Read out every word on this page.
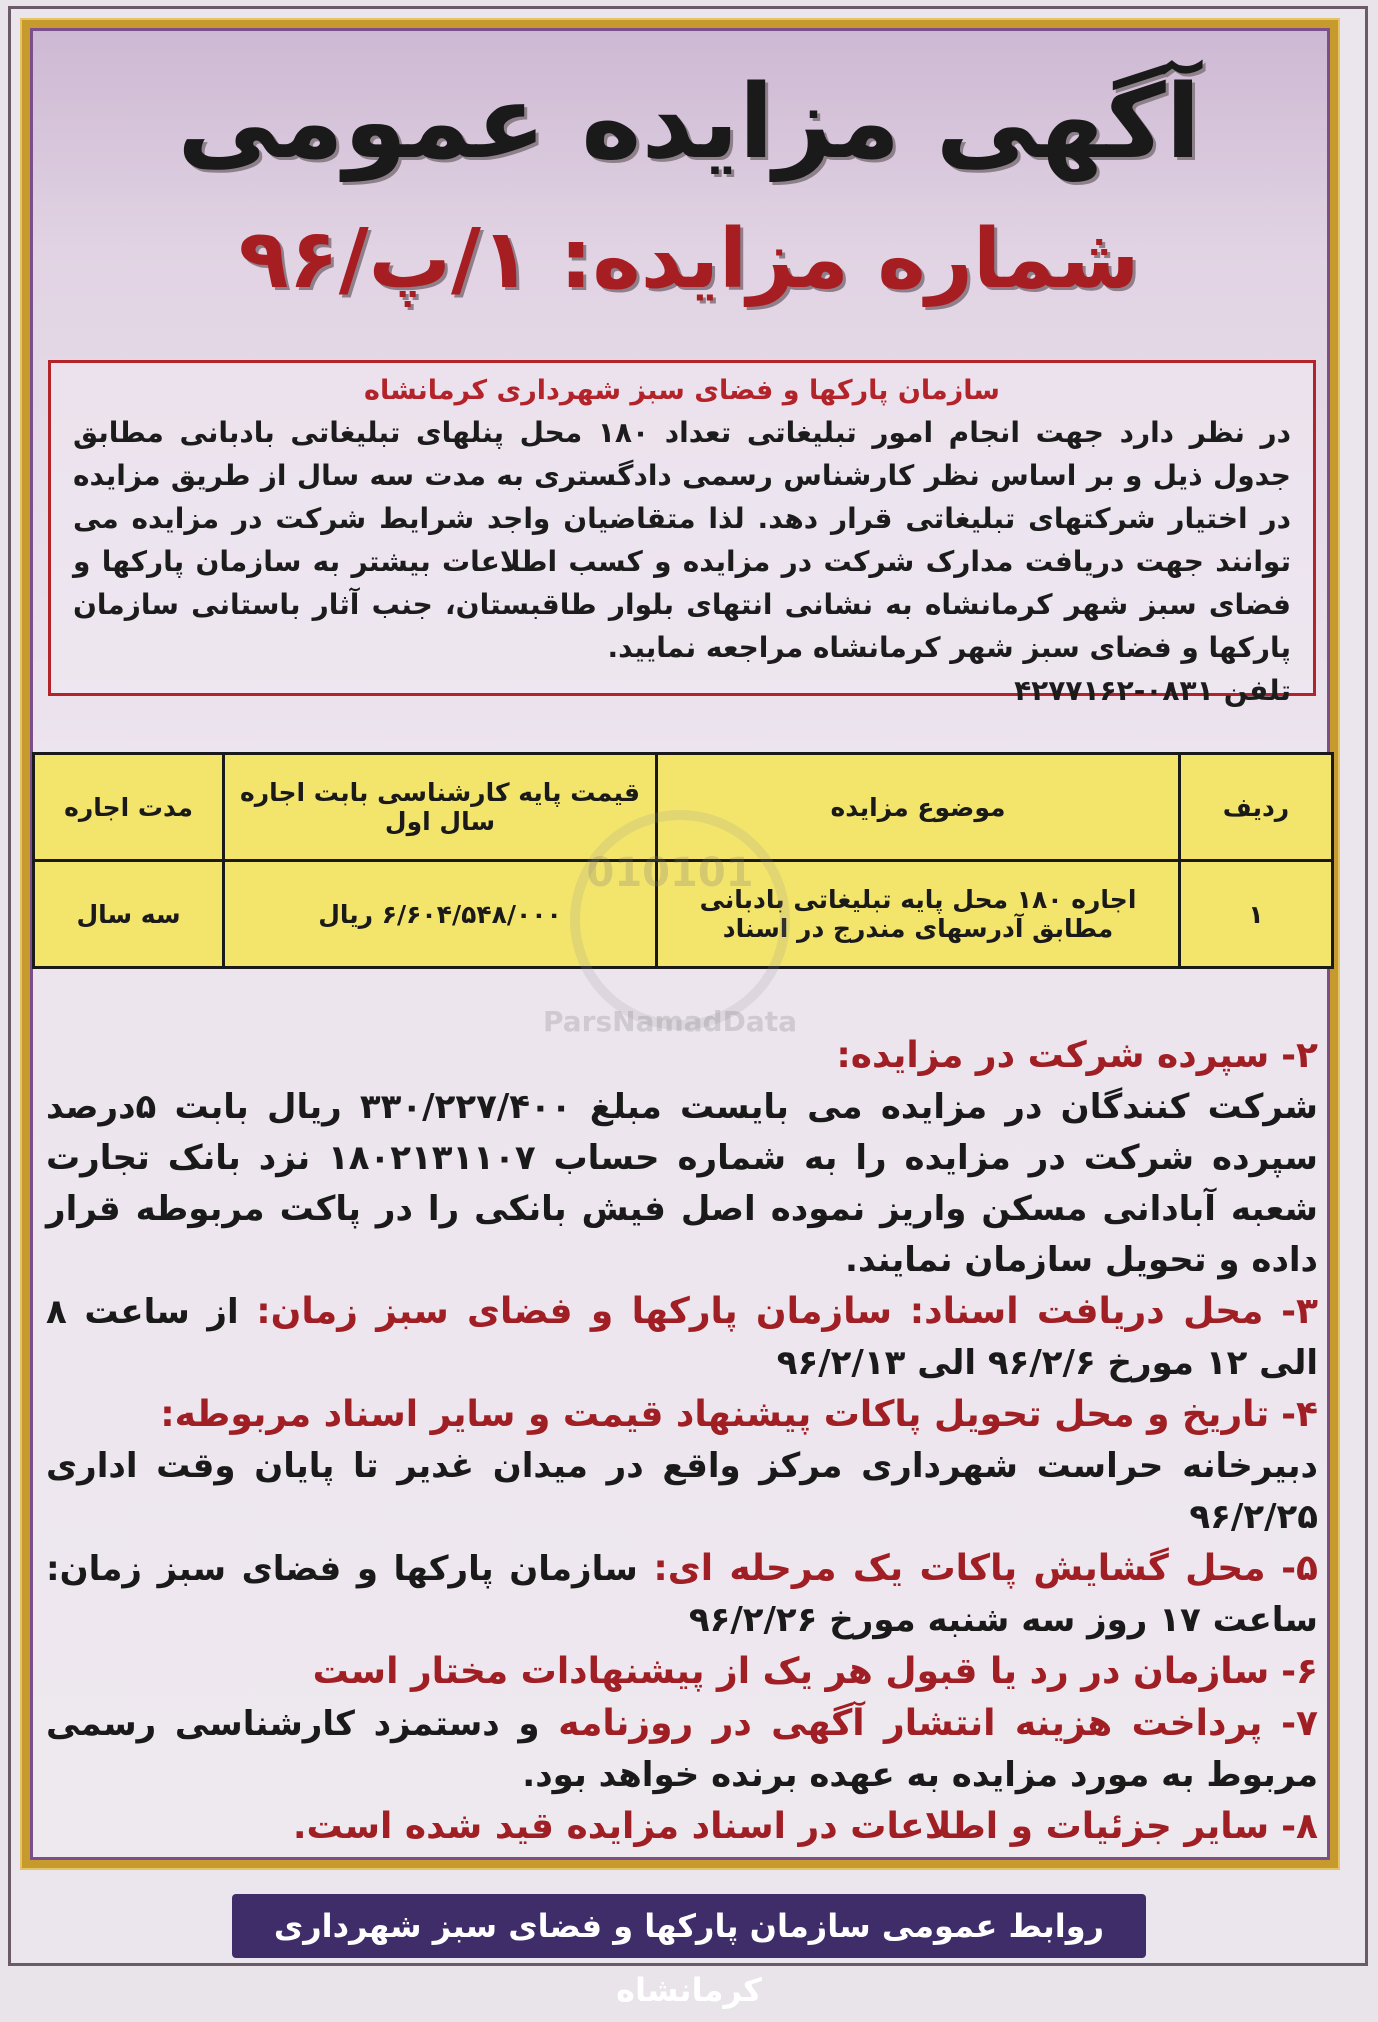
آگهی مزایده عمومی
شماره مزایده: ۱/پ/۹۶
سازمان پارکها و فضای سبز شهرداری کرمانشاه

در نظر دارد جهت انجام امور تبلیغاتی تعداد ۱۸۰ محل پنلهای تبلیغاتی بادبانی مطابق جدول ذیل و بر اساس نظر کارشناس رسمی دادگستری به مدت سه سال از طریق مزایده در اختیار شرکتهای تبلیغاتی قرار دهد. لذا متقاضیان واجد شرایط شرکت در مزایده می توانند جهت دریافت مدارک شرکت در مزایده و کسب اطلاعات بیشتر به سازمان پارکها و فضای سبز شهر کرمانشاه به نشانی انتهای بلوار طاقبستان، جنب آثار باستانی سازمان پارکها و فضای سبز شهر کرمانشاه مراجعه نمایید.

تلفن۰۸۳۱-۴۲۷۷۱۶۲
ردیف	موضوع مزایده	قیمت پایه کارشناسی بابت اجاره سال اول	مدت اجاره
۱	اجاره ۱۸۰ محل پایه تبلیغاتی بادبانی مطابق آدرسهای مندرج در اسناد	۶/۶۰۴/۵۴۸/۰۰۰ ریال	سه سال
010101
ParsNamadData

۲- سپرده شرکت در مزایده:

شرکت کنندگان در مزایده می بایست مبلغ ۳۳۰/۲۲۷/۴۰۰ ریال بابت ۵درصد سپرده شرکت در مزایده را به شماره حساب ۱۸۰۲۱۳۱۱۰۷ نزد بانک تجارت شعبه آبادانی مسکن واریز نموده اصل فیش بانکی را در پاکت مربوطه قرار داده و تحویل سازمان نمایند.

۳- محل دریافت اسناد: سازمان پارکها و فضای سبز زمان: از ساعت ۸ الی ۱۲ مورخ ۹۶/۲/۶ الی ۹۶/۲/۱۳

۴- تاریخ و محل تحویل پاکات پیشنهاد قیمت و سایر اسناد مربوطه:

دبیرخانه حراست شهرداری مرکز واقع در میدان غدیر تا پایان وقت اداری ۹۶/۲/۲۵

۵- محل گشایش پاکات یک مرحله ای: سازمان پارکها و فضای سبز زمان: ساعت ۱۷ روز سه شنبه مورخ ۹۶/۲/۲۶

۶- سازمان در رد یا قبول هر یک از پیشنهادات مختار است

۷- پرداخت هزینه انتشار آگهی در روزنامه و دستمزد کارشناسی رسمی مربوط به مورد مزایده به عهده برنده خواهد بود.

۸- سایر جزئیات و اطلاعات در اسناد مزایده قید شده است.

روابط عمومی سازمان پارکها و فضای سبز شهرداری کرمانشاه
